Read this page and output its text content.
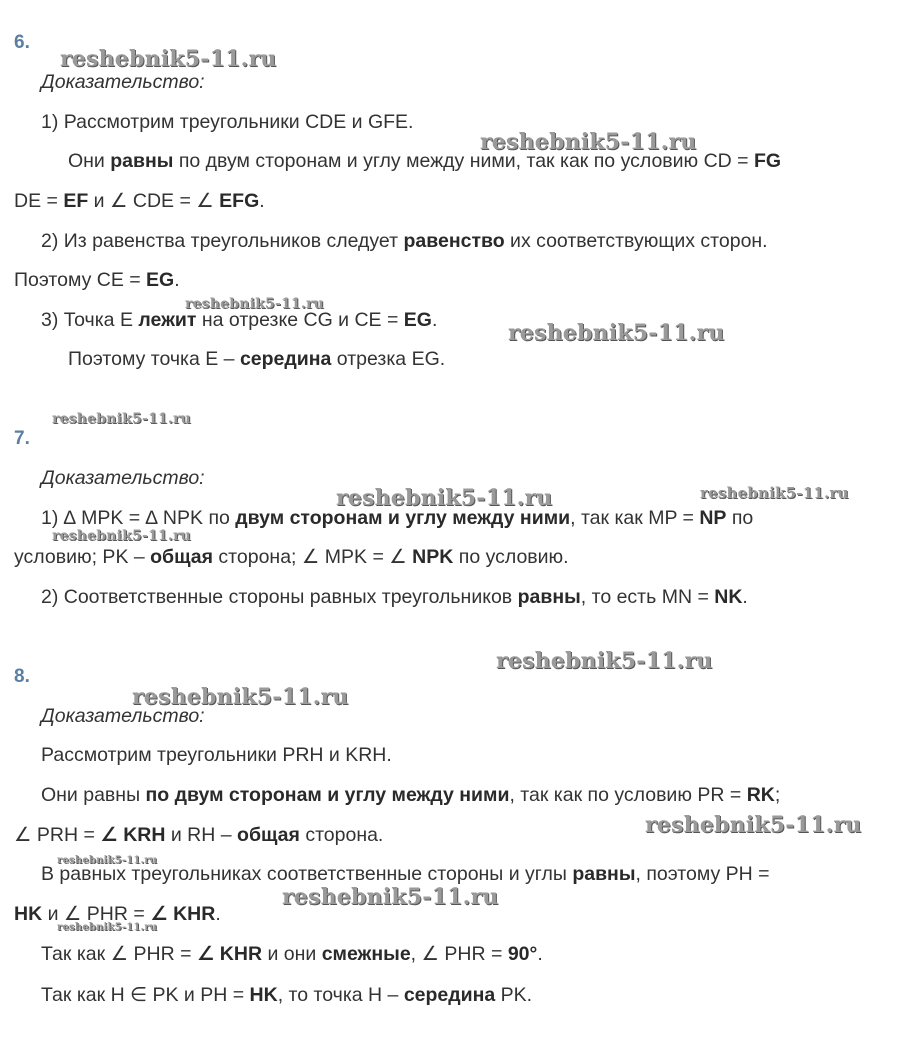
6.
Доказательство:
1) Рассмотрим треугольники CDE и GFE.
Они равны по двум сторонам и углу между ними, так как по условию CD = FG
DE = EF и ∠ CDE = ∠ EFG.
2) Из равенства треугольников следует равенство их соответствующих сторон.
Поэтому CE = EG.
3) Точка E лежит на отрезке CG и CE = EG.
Поэтому точка E – середина отрезка EG.
7.
Доказательство:
1) ∆ MPK = ∆ NPK по двум сторонам и углу между ними, так как MP = NP по
условию; PK – общая сторона; ∠ MPK = ∠ NPK по условию.
2) Соответственные стороны равных треугольников равны, то есть MN = NK.
8.
Доказательство:
Рассмотрим треугольники PRH и KRH.
Они равны по двум сторонам и углу между ними, так как по условию PR = RK;
∠ PRH = ∠ KRH и RH – общая сторона.
В равных треугольниках соответственные стороны и углы равны, поэтому PH =
HK и ∠ PHR = ∠ KHR.
Так как ∠ PHR = ∠ KHR и они смежные, ∠ PHR = 90°.
Так как H ∈ PK и PH = HK, то точка H – середина PK.
reshebnik5-11.ru
reshebnik5-11.ru
reshebnik5-11.ru
reshebnik5-11.ru
reshebnik5-11.ru
reshebnik5-11.ru	reshebnik5-11.ru
reshebnik5-11.ru
reshebnik5-11.ru
reshebnik5-11.ru
reshebnik5-11.ru
reshebnik5-11.ru
reshebnik5-11.ru
reshebnik5-11.ru
